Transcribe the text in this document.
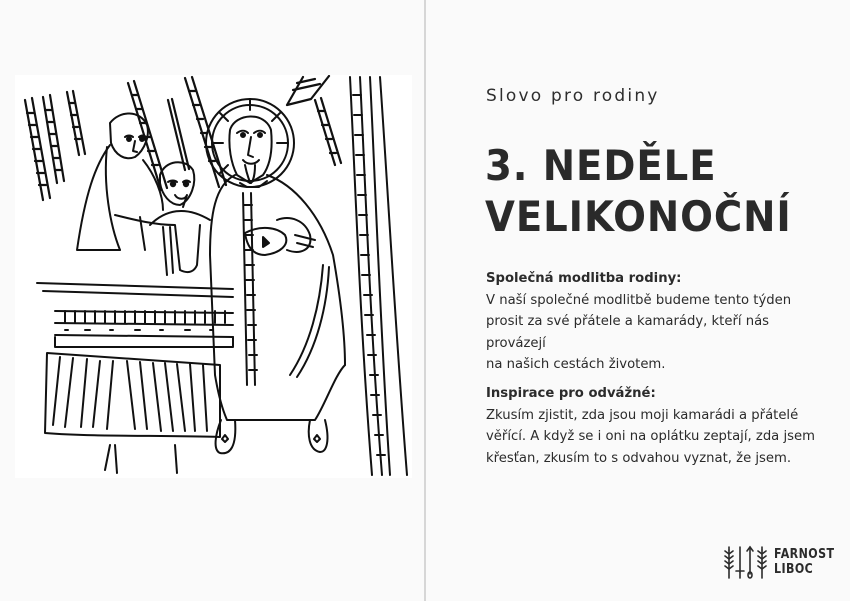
Slovo pro rodiny
3. NEDĚLE
VELIKONOČNÍ
Společná modlitba rodiny:
V naší společné modlitbě budeme tento týden
prosit za své přátele a kamarády, kteří nás provázejí
na našich cestách životem.
Inspirace pro odvážné:
Zkusím zjistit, zda jsou moji kamarádi a přátelé
věřící. A když se i oni na oplátku zeptají, zda jsem
křesťan, zkusím to s odvahou vyznat, že jsem.
FARNOST
LIBOC
